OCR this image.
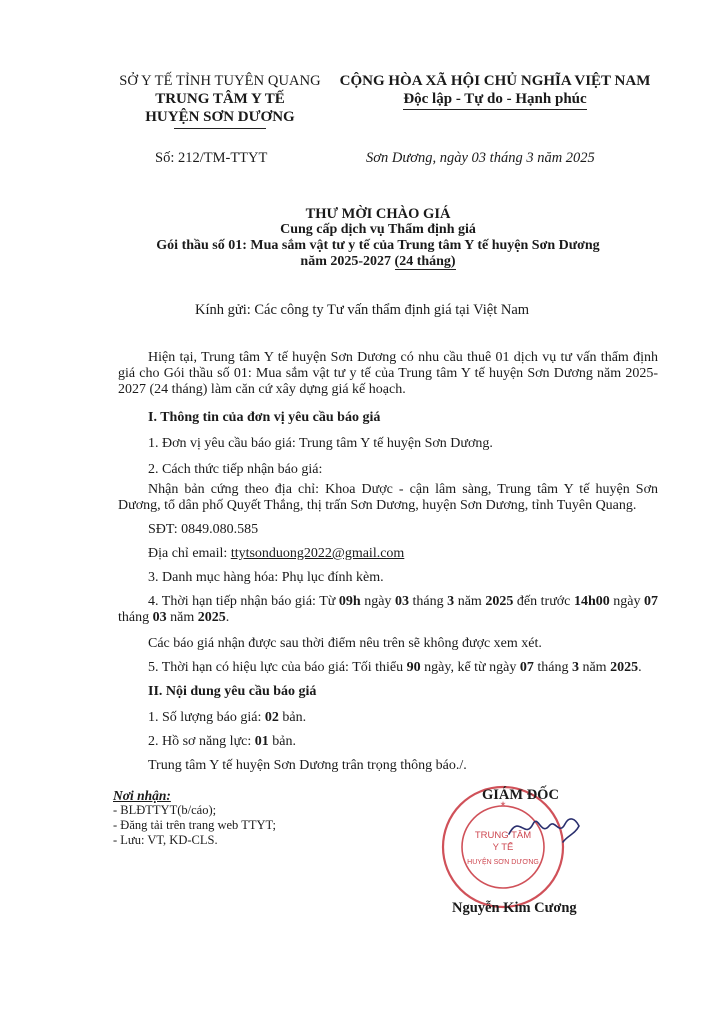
SỞ Y TẾ TỈNH TUYÊN QUANG
TRUNG TÂM Y TẾ
HUYỆN SƠN DƯƠNG
CỘNG HÒA XÃ HỘI CHỦ NGHĨA VIỆT NAM
Độc lập - Tự do - Hạnh phúc
Số: 212/TM-TTYT	Sơn Dương, ngày 03 tháng 3 năm 2025
THƯ MỜI CHÀO GIÁ
Cung cấp dịch vụ Thẩm định giá
Gói thầu số 01: Mua sắm vật tư y tế của Trung tâm Y tế huyện Sơn Dương
năm 2025-2027 (24 tháng)
Kính gửi: Các công ty Tư vấn thẩm định giá tại Việt Nam
Hiện tại, Trung tâm Y tế huyện Sơn Dương có nhu cầu thuê 01 dịch vụ tư vấn thẩm định giá cho Gói thầu số 01: Mua sắm vật tư y tế của Trung tâm Y tế huyện Sơn Dương năm 2025-2027 (24 tháng) làm căn cứ xây dựng giá kế hoạch.
I. Thông tin của đơn vị yêu cầu báo giá
1. Đơn vị yêu cầu báo giá: Trung tâm Y tế huyện Sơn Dương.
2. Cách thức tiếp nhận báo giá:
Nhận bản cứng theo địa chỉ: Khoa Dược - cận lâm sàng, Trung tâm Y tế huyện Sơn Dương, tổ dân phố Quyết Thắng, thị trấn Sơn Dương, huyện Sơn Dương, tỉnh Tuyên Quang.
SĐT: 0849.080.585
Địa chỉ email: ttytsonduong2022@gmail.com
3. Danh mục hàng hóa: Phụ lục đính kèm.
4. Thời hạn tiếp nhận báo giá: Từ 09h ngày 03 tháng 3 năm 2025 đến trước 14h00 ngày 07 tháng 03 năm 2025.
Các báo giá nhận được sau thời điểm nêu trên sẽ không được xem xét.
5. Thời hạn có hiệu lực của báo giá: Tối thiểu 90 ngày, kể từ ngày 07 tháng 3 năm 2025.
II. Nội dung yêu cầu báo giá
1. Số lượng báo giá: 02 bản.
2. Hồ sơ năng lực: 01 bản.
Trung tâm Y tế huyện Sơn Dương trân trọng thông báo./.
Nơi nhận:
- BLĐTTYT(b/cáo);
- Đăng tải trên trang web TTYT;
- Lưu: VT, KD-CLS.	TRUNG TÂM
Y TẾ
HUYỆN SƠN DƯƠNG
★
GIÁM ĐỐC
Nguyễn Kim Cương
